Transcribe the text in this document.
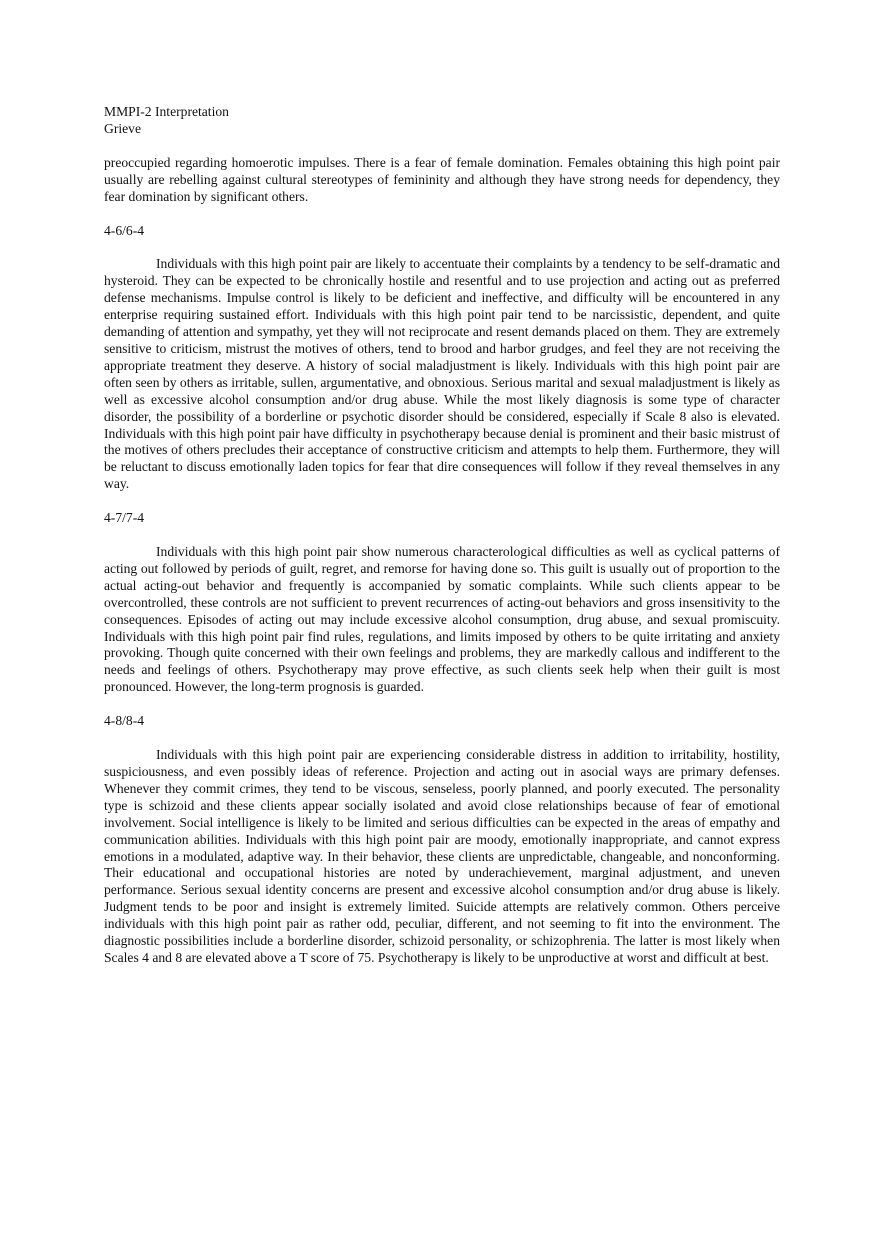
MMPI-2 Interpretation

Grieve

preoccupied regarding homoerotic impulses. There is a fear of female domination. Females obtaining this high point pair usually are rebelling against cultural stereotypes of femininity and although they have strong needs for dependency, they fear domination by significant others.

4-6/6-4

Individuals with this high point pair are likely to accentuate their complaints by a tendency to be self-dramatic and hysteroid. They can be expected to be chronically hostile and resentful and to use projection and acting out as preferred defense mechanisms. Impulse control is likely to be deficient and ineffective, and difficulty will be encountered in any enterprise requiring sustained effort. Individuals with this high point pair tend to be narcissistic, dependent, and quite demanding of attention and sympathy, yet they will not reciprocate and resent demands placed on them. They are extremely sensitive to criticism, mistrust the motives of others, tend to brood and harbor grudges, and feel they are not receiving the appropriate treatment they deserve. A history of social maladjustment is likely. Individuals with this high point pair are often seen by others as irritable, sullen, argumentative, and obnoxious. Serious marital and sexual maladjustment is likely as well as excessive alcohol consumption and/or drug abuse. While the most likely diagnosis is some type of character disorder, the possibility of a borderline or psychotic disorder should be considered, especially if Scale 8 also is elevated. Individuals with this high point pair have difficulty in psychotherapy because denial is prominent and their basic mistrust of the motives of others precludes their acceptance of constructive criticism and attempts to help them. Furthermore, they will be reluctant to discuss emotionally laden topics for fear that dire consequences will follow if they reveal themselves in any way.

4-7/7-4

Individuals with this high point pair show numerous characterological difficulties as well as cyclical patterns of acting out followed by periods of guilt, regret, and remorse for having done so. This guilt is usually out of proportion to the actual acting-out behavior and frequently is accompanied by somatic complaints. While such clients appear to be overcontrolled, these controls are not sufficient to prevent recurrences of acting-out behaviors and gross insensitivity to the consequences. Episodes of acting out may include excessive alcohol consumption, drug abuse, and sexual promiscuity. Individuals with this high point pair find rules, regulations, and limits imposed by others to be quite irritating and anxiety provoking. Though quite concerned with their own feelings and problems, they are markedly callous and indifferent to the needs and feelings of others. Psychotherapy may prove effective, as such clients seek help when their guilt is most pronounced. However, the long-term prognosis is guarded.

4-8/8-4

Individuals with this high point pair are experiencing considerable distress in addition to irritability, hostility, suspiciousness, and even possibly ideas of reference. Projection and acting out in asocial ways are primary defenses. Whenever they commit crimes, they tend to be viscous, senseless, poorly planned, and poorly executed. The personality type is schizoid and these clients appear socially isolated and avoid close relationships because of fear of emotional involvement. Social intelligence is likely to be limited and serious difficulties can be expected in the areas of empathy and communication abilities. Individuals with this high point pair are moody, emotionally inappropriate, and cannot express emotions in a modulated, adaptive way. In their behavior, these clients are unpredictable, changeable, and nonconforming. Their educational and occupational histories are noted by underachievement, marginal adjustment, and uneven performance. Serious sexual identity concerns are present and excessive alcohol consumption and/or drug abuse is likely. Judgment tends to be poor and insight is extremely limited. Suicide attempts are relatively common. Others perceive individuals with this high point pair as rather odd, peculiar, different, and not seeming to fit into the environment. The diagnostic possibilities include a borderline disorder, schizoid personality, or schizophrenia. The latter is most likely when Scales 4 and 8 are elevated above a T score of 75. Psychotherapy is likely to be unproductive at worst and difficult at best.
